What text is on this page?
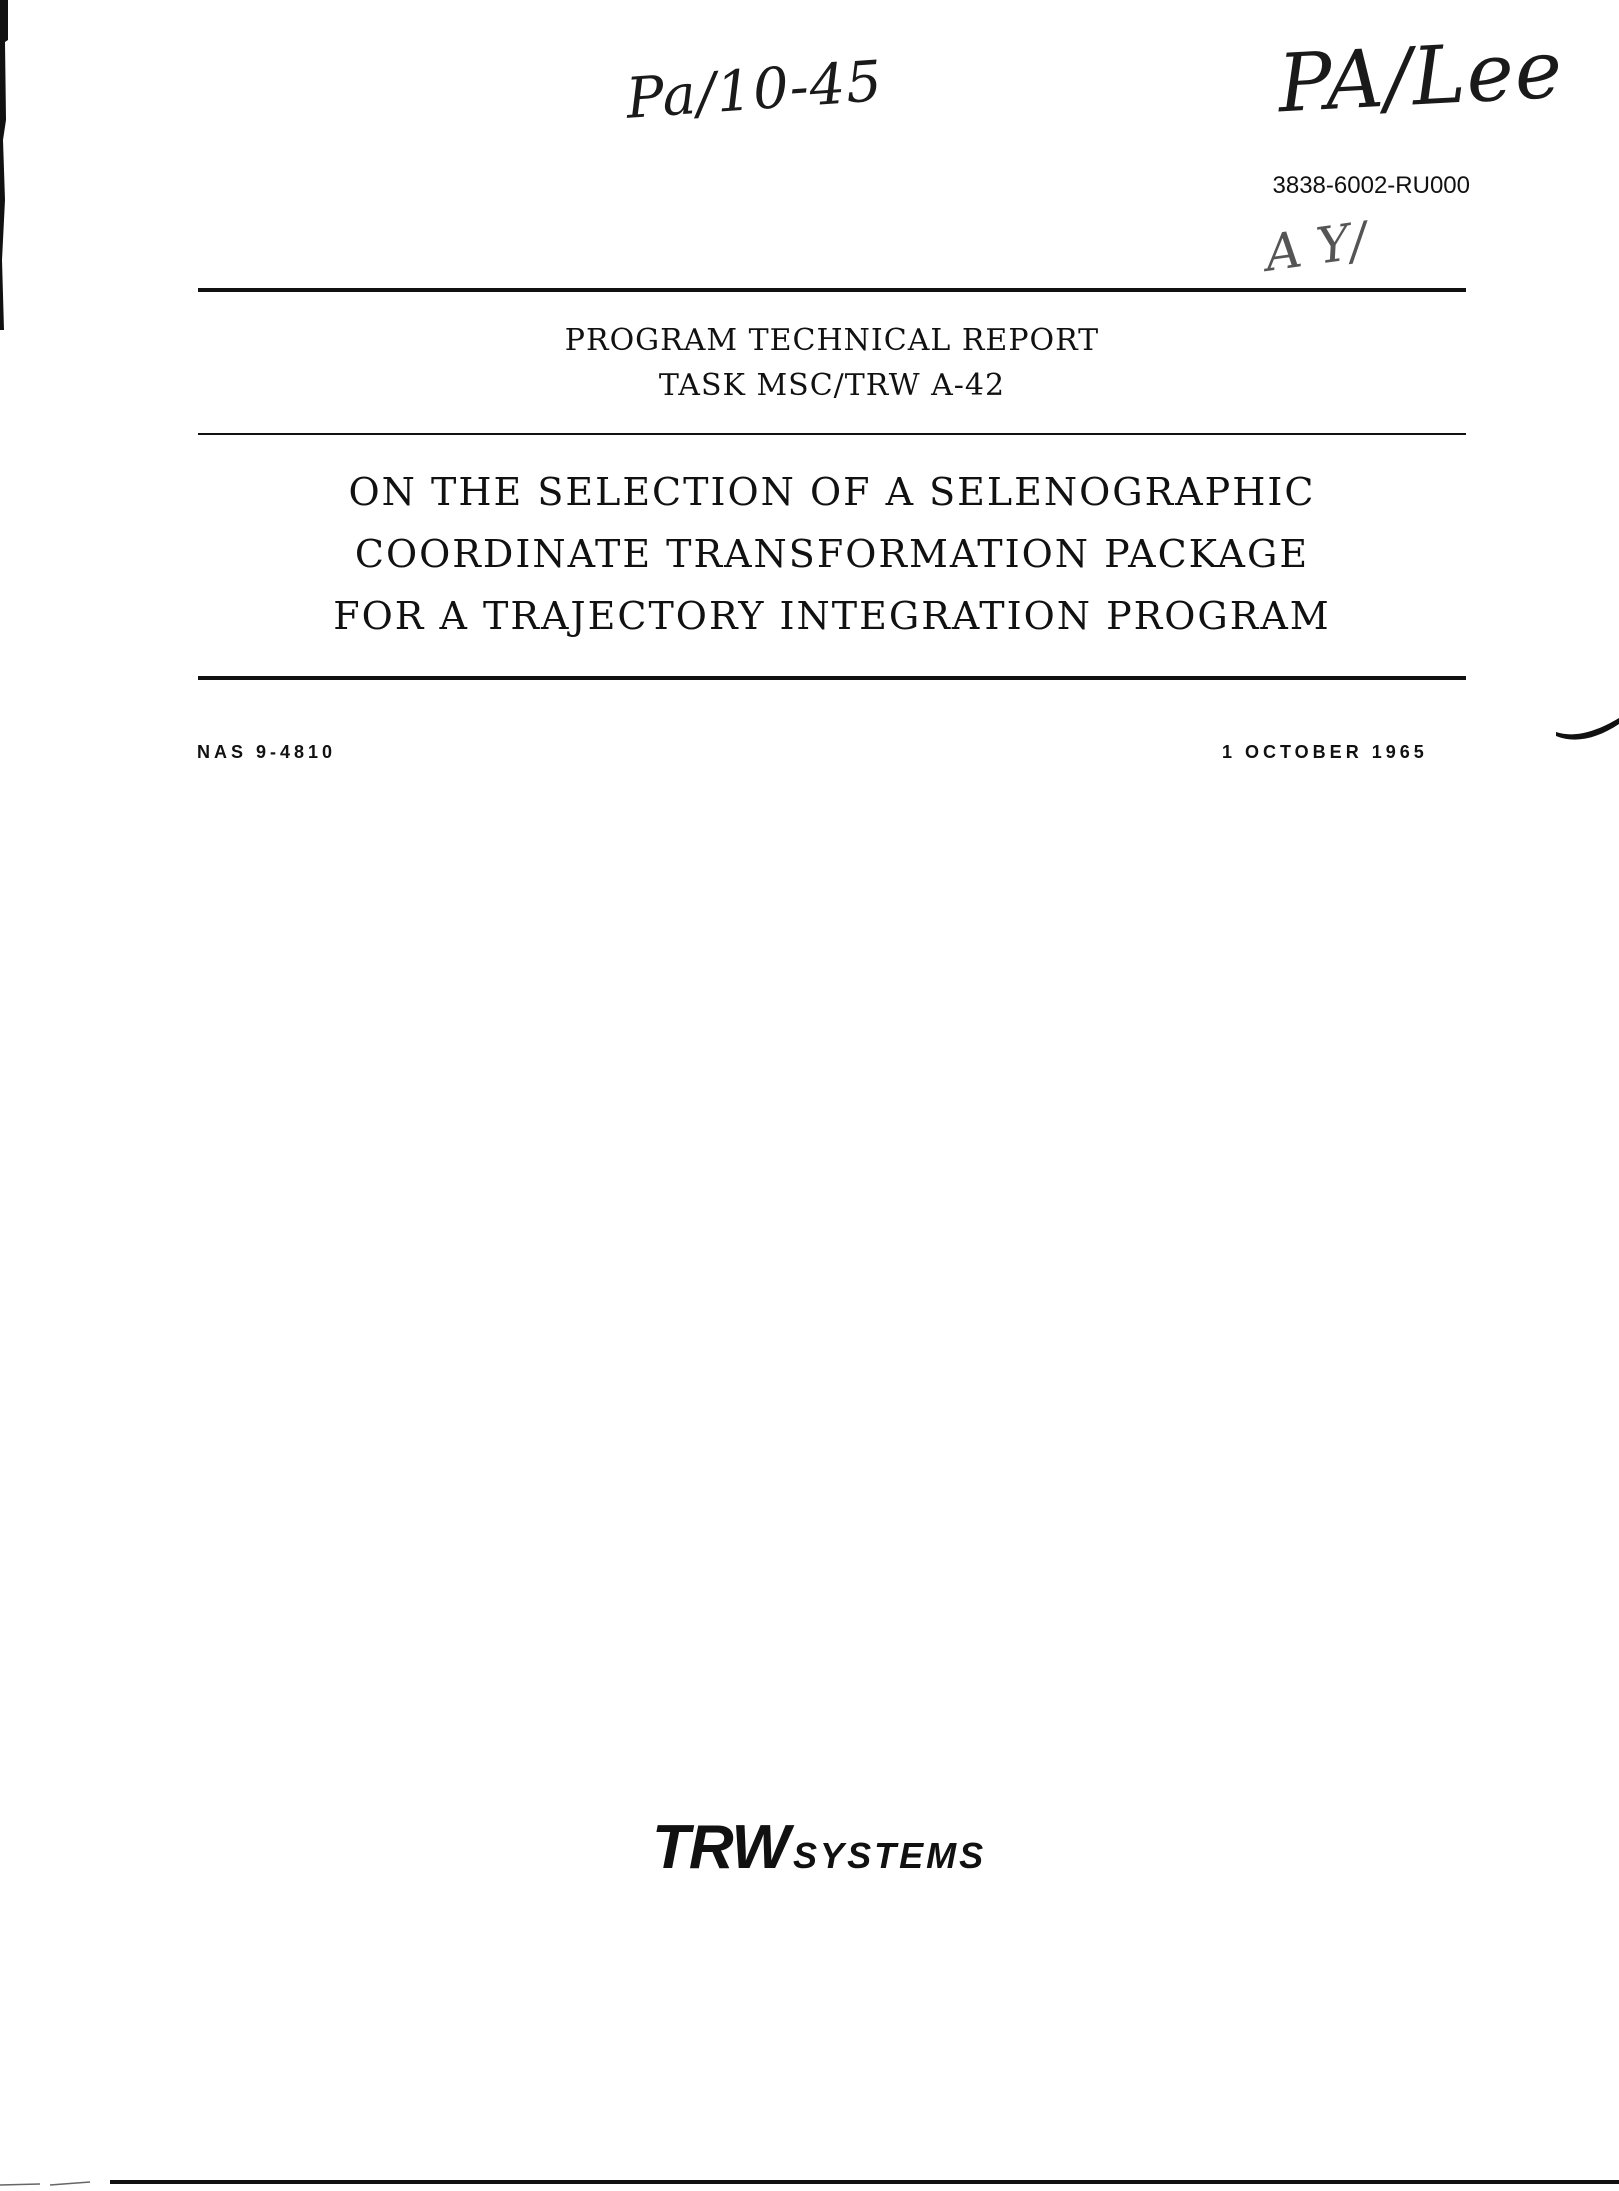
Pa/10-45	PA/Lee

3838-6002-RU000

A Y/

PROGRAM TECHNICAL REPORT

TASK MSC/TRW A-42

ON THE SELECTION OF A SELENOGRAPHIC

COORDINATE TRANSFORMATION PACKAGE

FOR A TRAJECTORY INTEGRATION PROGRAM

NAS 9-4810	1 OCTOBER 1965

TRW SYSTEMS
